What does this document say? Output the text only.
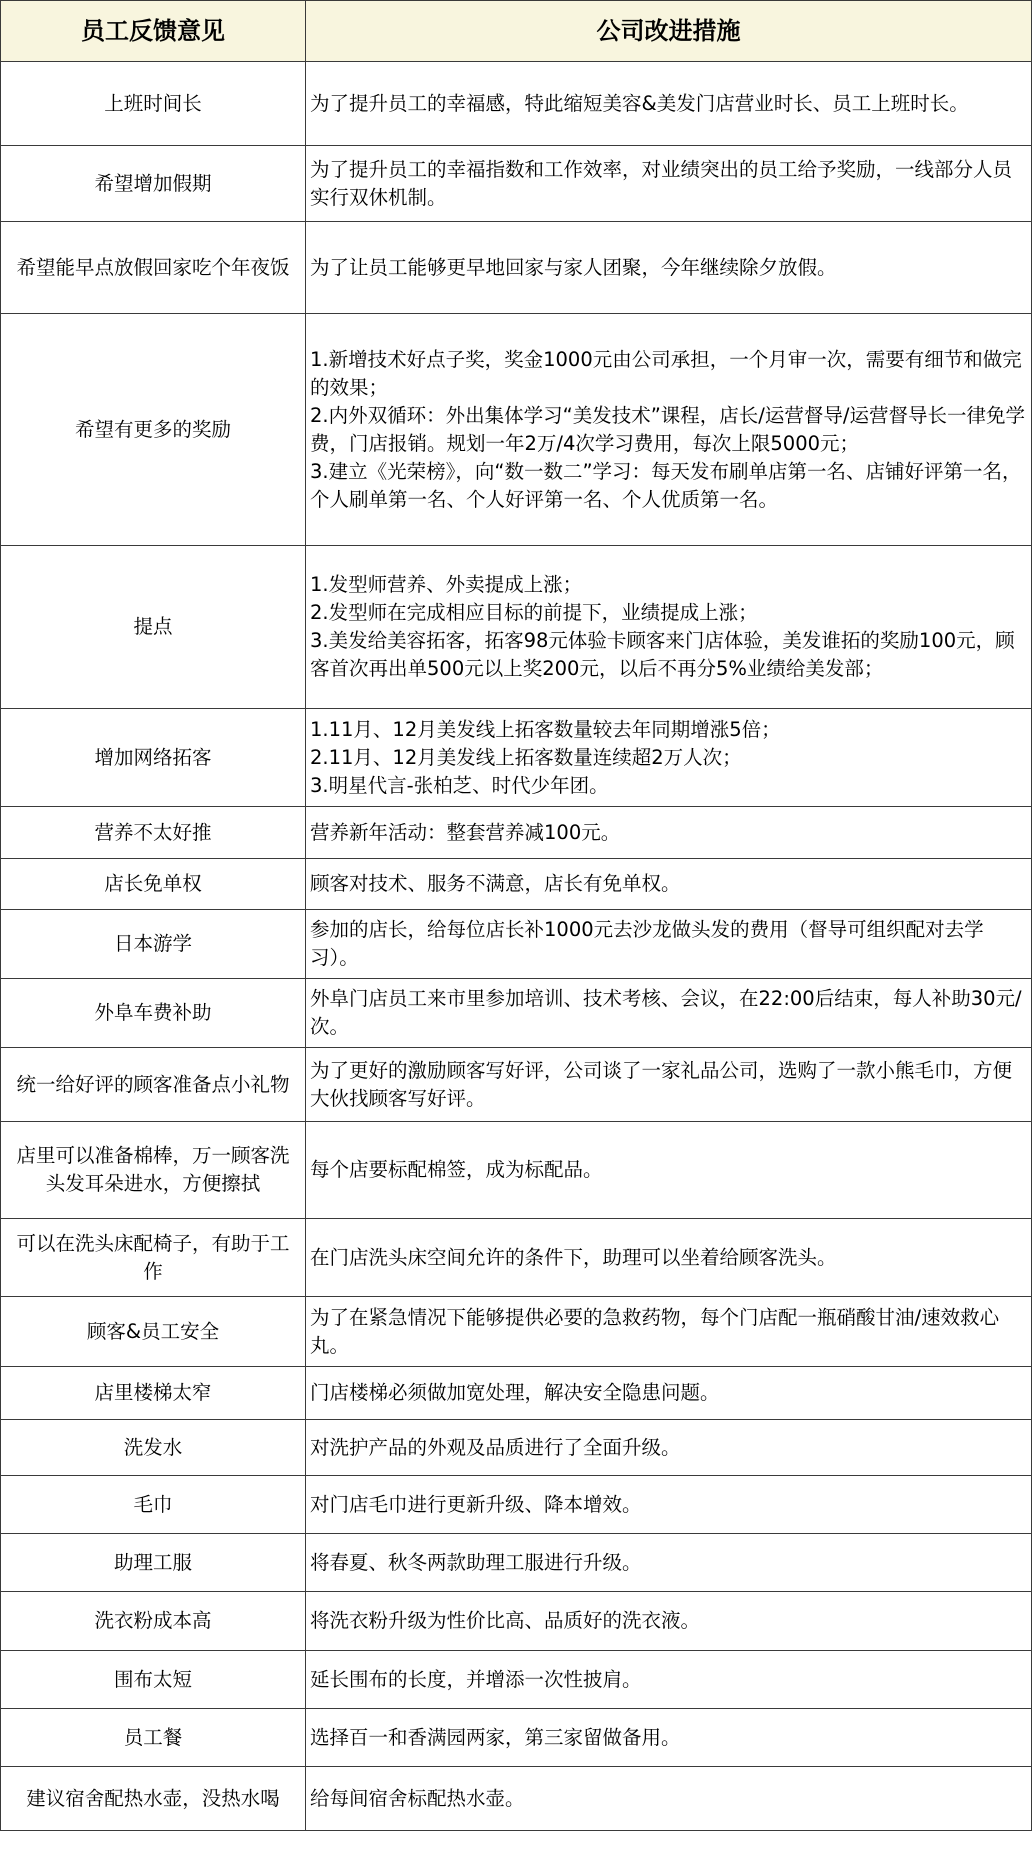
员工反馈意见	公司改进措施
上班时间长	为了提升员工的幸福感，特此缩短美容&美发门店营业时长、员工上班时长。

希望增加假期	为了提升员工的幸福指数和工作效率，对业绩突出的员工给予奖励，一线部分人员实行双休机制。

希望能早点放假回家吃个年夜饭	为了让员工能够更早地回家与家人团聚，今年继续除夕放假。

希望有更多的奖励	1.新增技术好点子奖，奖金1000元由公司承担，一个月审一次，需要有细节和做完的效果；
2.内外双循环：外出集体学习“美发技术”课程，店长/运营督导/运营督导长一律免学费，门店报销。规划一年2万/4次学习费用，每次上限5000元；
3.建立《光荣榜》，向“数一数二”学习：每天发布刷单店第一名、店铺好评第一名，个人刷单第一名、个人好评第一名、个人优质第一名。

提点	1.发型师营养、外卖提成上涨；
2.发型师在完成相应目标的前提下，业绩提成上涨；
3.美发给美容拓客，拓客98元体验卡顾客来门店体验，美发谁拓的奖励100元，顾客首次再出单500元以上奖200元，以后不再分5%业绩给美发部；

增加网络拓客	1.11月、12月美发线上拓客数量较去年同期增涨5倍；
2.11月、12月美发线上拓客数量连续超2万人次；
3.明星代言-张柏芝、时代少年团。

营养不太好推	营养新年活动：整套营养减100元。

店长免单权	顾客对技术、服务不满意，店长有免单权。

日本游学	参加的店长，给每位店长补1000元去沙龙做头发的费用（督导可组织配对去学习）。

外阜车费补助	外阜门店员工来市里参加培训、技术考核、会议，在22:00后结束，每人补助30元/次。

统一给好评的顾客准备点小礼物	为了更好的激励顾客写好评，公司谈了一家礼品公司，选购了一款小熊毛巾，方便大伙找顾客写好评。

店里可以准备棉棒，万一顾客洗头发耳朵进水，方便擦拭	每个店要标配棉签，成为标配品。

可以在洗头床配椅子，有助于工作	在门店洗头床空间允许的条件下，助理可以坐着给顾客洗头。

顾客&员工安全	为了在紧急情况下能够提供必要的急救药物，每个门店配一瓶硝酸甘油/速效救心丸。

店里楼梯太窄	门店楼梯必须做加宽处理，解决安全隐患问题。

洗发水	对洗护产品的外观及品质进行了全面升级。

毛巾	对门店毛巾进行更新升级、降本增效。

助理工服	将春夏、秋冬两款助理工服进行升级。

洗衣粉成本高	将洗衣粉升级为性价比高、品质好的洗衣液。

围布太短	延长围布的长度，并增添一次性披肩。

员工餐	选择百一和香满园两家，第三家留做备用。

建议宿舍配热水壶，没热水喝	给每间宿舍标配热水壶。
